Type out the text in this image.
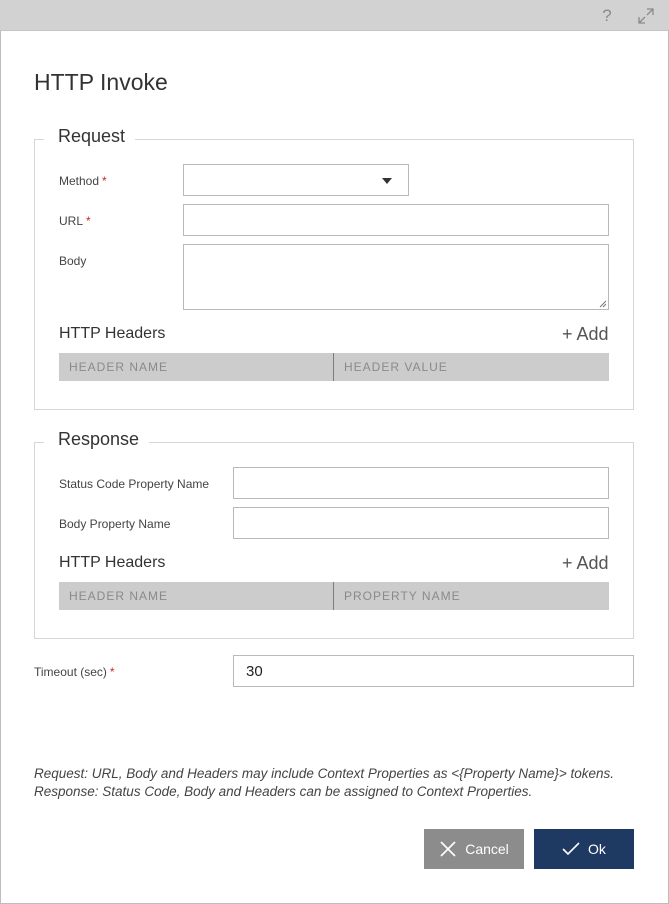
?
HTTP Invoke
Request
Method *
URL *
Body
HTTP Headers	+ Add
HEADER NAME	HEADER VALUE
Response
Status Code Property Name
Body Property Name
HTTP Headers	+ Add
HEADER NAME	PROPERTY NAME
Timeout (sec) *
30
Request: URL, Body and Headers may include Context Properties as <{Property Name}> tokens.
Response: Status Code, Body and Headers can be assigned to Context Properties.
Cancel	Ok
